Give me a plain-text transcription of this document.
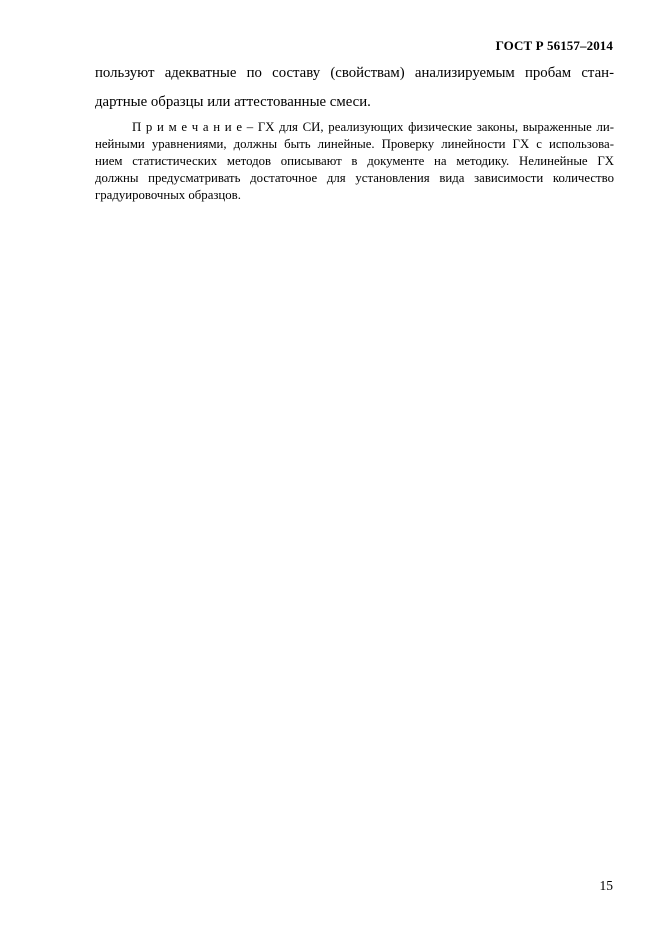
ГОСТ Р 56157–2014

пользуют адекватные по составу (свойствам) анализируемым пробам стан-

дартные образцы или аттестованные смеси.

П р и м е ч а н и е – ГХ для СИ, реализующих физические законы, выраженные ли-

нейными уравнениями, должны быть линейные. Проверку линейности ГХ с использова-

нием статистических методов описывают в документе на методику. Нелинейные ГХ

должны предусматривать достаточное для установления вида зависимости количество

градуировочных образцов.

15
